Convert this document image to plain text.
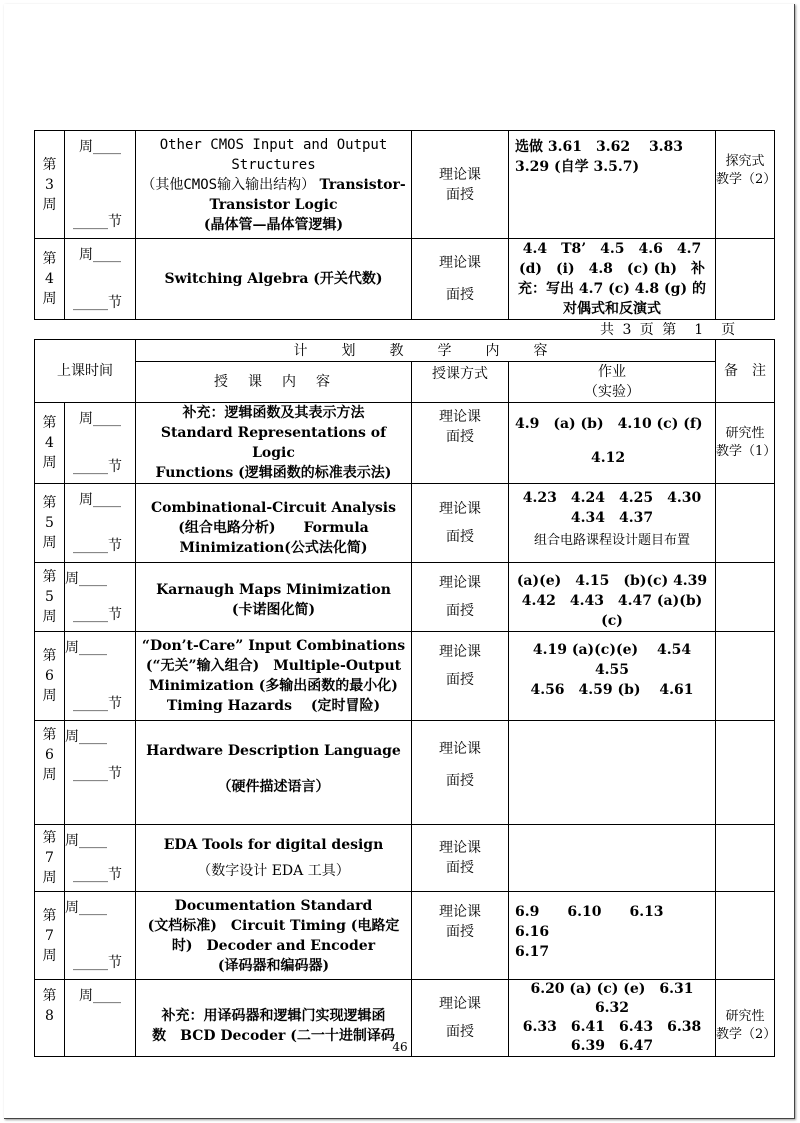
第
3
周	周____
_____节	Other CMOS Input and Output Structures
（其他CMOS输入输出结构） Transistor-Transistor Logic
(晶体管—晶体管逻辑)	理论课
面授	选做 3.61　3.62　 3.83
3.29 (自学 3.5.7)	探究式
教学（2）

第
4
周	周____
_____节	Switching Algebra (开关代数)	理论课
面授	4.4　T8’　4.5　4.6　4.7
(d)　(i)　4.8　(c) (h)　补
充：写出 4.7 (c) 4.8 (g) 的
对偶式和反演式	
共 3 页 第　1　页
上课时间		计　划　教　学　内　容			备　注
		授　课　内　容	授课方式	作业
（实验）	

第
4
周	周____
_____节	补充：逻辑函数及其表示方法
Standard Representations of Logic
Functions (逻辑函数的标准表示法)	理论课
面授	4.9　(a) (b)　4.10 (c) (f)
4.12	研究性
教学（1）

第
5
周	周____
_____节	Combinational-Circuit Analysis
(组合电路分析)　　Formula
Minimization(公式法化简)	理论课
面授	4.23　4.24　4.25　4.30
4.34　4.37
组合电路课程设计题目布置	

第
5
周	周____
_____节	Karnaugh Maps Minimization
(卡诺图化简)	理论课
面授	(a)(e)　4.15　(b)(c) 4.39
4.42　4.43　4.47 (a)(b)(c)	

第
6
周	周____
_____节	“Don’t-Care” Input Combinations
(“无关”输入组合)　Multiple-Output
Minimization (多输出函数的最小化)
Timing Hazards　 (定时冒险)	理论课
面授	4.19 (a)(c)(e)　 4.54　4.55
4.56　4.59 (b)　 4.61	

第
6
周	周____
_____节	Hardware Description Language
（硬件描述语言）	理论课
面授		

第
7
周	周____
_____节	EDA Tools for digital design
（数字设计 EDA 工具）	理论课
面授		

第
7
周	周____
_____节	Documentation Standard
(文档标准)　Circuit Timing (电路定
时)　Decoder and Encoder
(译码器和编码器)	理论课
面授	6.9　　6.10　　6.13　　6.16
6.17	

第
8	周____	补充：用译码器和逻辑门实现逻辑函
数　BCD Decoder (二一十进制译码	理论课
面授	6.20 (a) (c) (e)　6.31　6.32
6.33　6.41　6.43　6.38
6.39　6.47	研究性
教学（2）
46
